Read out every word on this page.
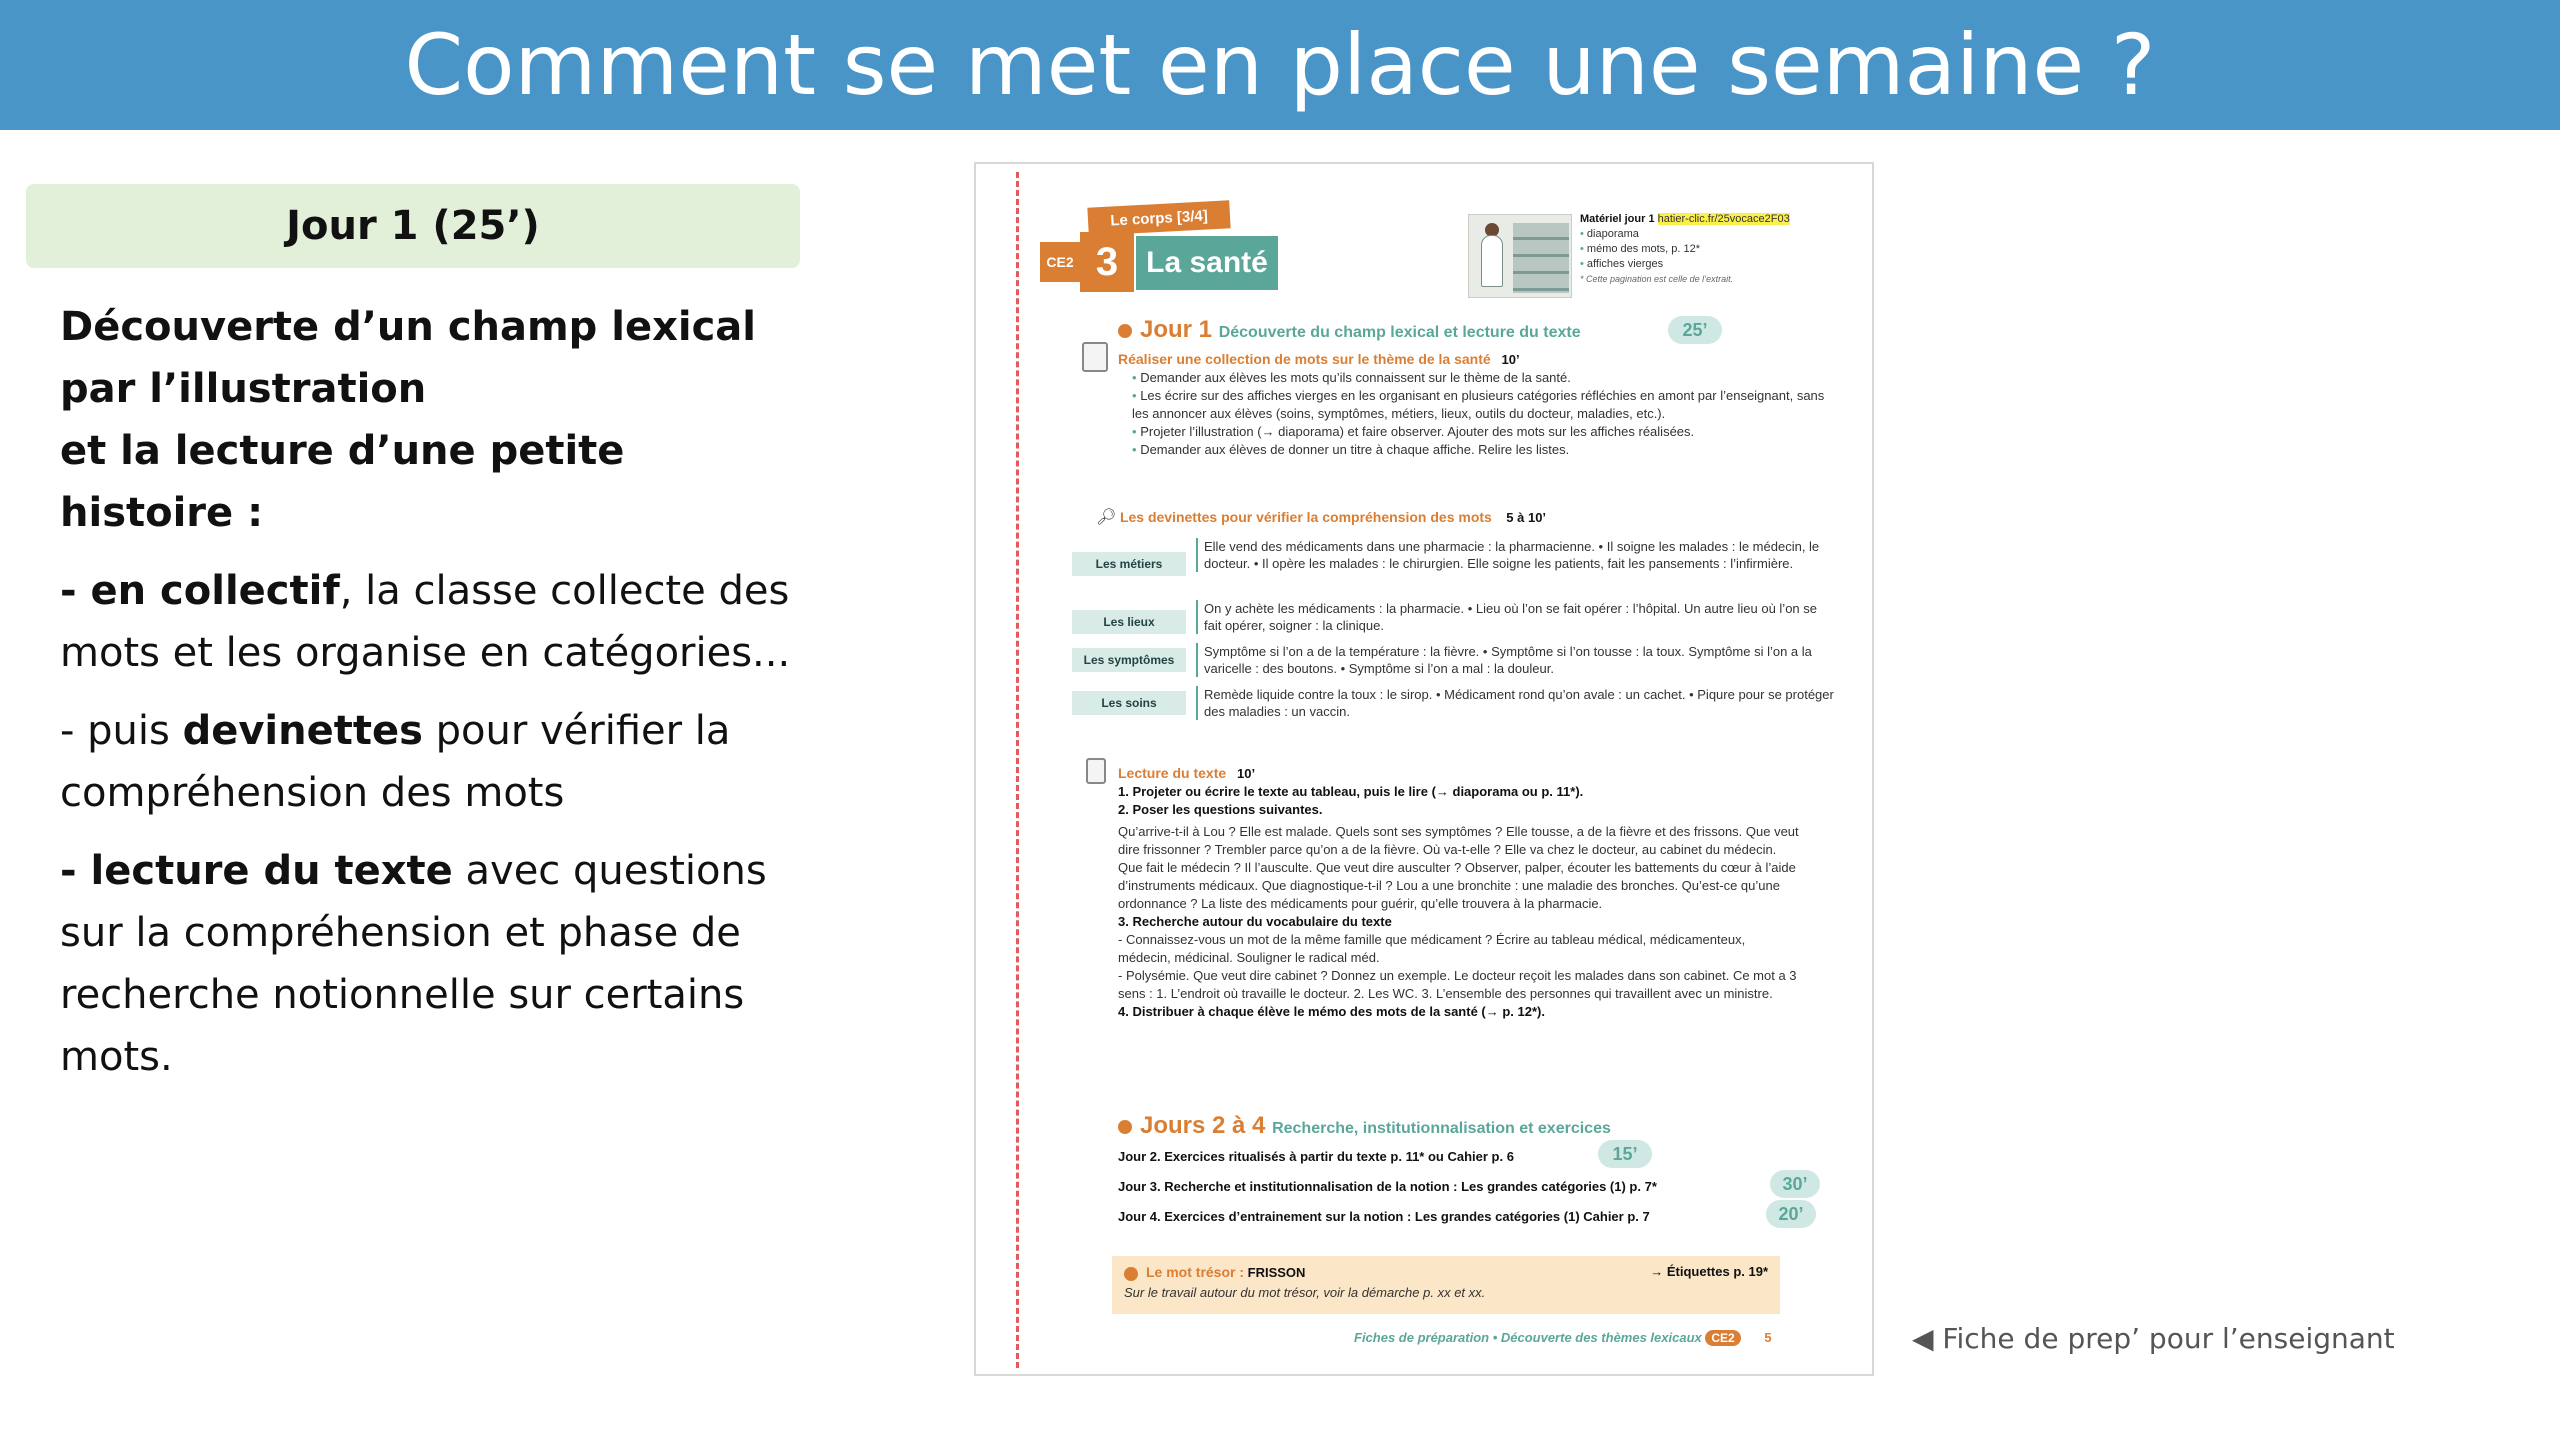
Comment se met en place une semaine ?
Jour 1 (25’)

Découverte d’un champ lexical par l’illustration
et la lecture d’une petite histoire :

- en collectif, la classe collecte des mots et les organise en catégories...

- puis devinettes pour vérifier la compréhension des mots

- lecture du texte avec questions sur la compréhension et phase de recherche notionnelle sur certains mots.

Le corps [3/4]
CE2 3 La santé
Matériel jour 1 hatier-clic.fr/25vocace2F03
• diaporama
• mémo des mots, p. 12*
• affiches vierges
* Cette pagination est celle de l’extrait.
Jour 1 Découverte du champ lexical et lecture du texte	25’
Réaliser une collection de mots sur le thème de la santé 10’
• Demander aux élèves les mots qu’ils connaissent sur le thème de la santé.
• Les écrire sur des affiches vierges en les organisant en plusieurs catégories réfléchies en amont par l’enseignant, sans les annoncer aux élèves (soins, symptômes, métiers, lieux, outils du docteur, maladies, etc.).
• Projeter l’illustration (→ diaporama) et faire observer. Ajouter des mots sur les affiches réalisées.
• Demander aux élèves de donner un titre à chaque affiche. Relire les listes.
🔎︎ Les devinettes pour vérifier la compréhension des mots 5 à 10’
Les métiers
Elle vend des médicaments dans une pharmacie : la pharmacienne. • Il soigne les malades : le médecin, le docteur. • Il opère les malades : le chirurgien. Elle soigne les patients, fait les pansements : l’infirmière.
Les lieux
On y achète les médicaments : la pharmacie. • Lieu où l’on se fait opérer : l’hôpital. Un autre lieu où l’on se fait opérer, soigner : la clinique.
Les symptômes
Symptôme si l’on a de la température : la fièvre. • Symptôme si l’on tousse : la toux. Symptôme si l’on a la varicelle : des boutons. • Symptôme si l’on a mal : la douleur.
Les soins
Remède liquide contre la toux : le sirop. • Médicament rond qu’on avale : un cachet. • Piqure pour se protéger des maladies : un vaccin.
Lecture du texte 10’
1. Projeter ou écrire le texte au tableau, puis le lire (→ diaporama ou p. 11*).
2. Poser les questions suivantes.
Qu’arrive-t-il à Lou ? Elle est malade. Quels sont ses symptômes ? Elle tousse, a de la fièvre et des frissons. Que veut dire frissonner ? Trembler parce qu’on a de la fièvre. Où va-t-elle ? Elle va chez le docteur, au cabinet du médecin. Que fait le médecin ? Il l’ausculte. Que veut dire ausculter ? Observer, palper, écouter les battements du cœur à l’aide d’instruments médicaux. Que diagnostique-t-il ? Lou a une bronchite : une maladie des bronches. Qu’est-ce qu’une ordonnance ? La liste des médicaments pour guérir, qu’elle trouvera à la pharmacie.
3. Recherche autour du vocabulaire du texte
- Connaissez-vous un mot de la même famille que médicament ? Écrire au tableau médical, médicamenteux, médecin, médicinal. Souligner le radical méd.
- Polysémie. Que veut dire cabinet ? Donnez un exemple. Le docteur reçoit les malades dans son cabinet. Ce mot a 3 sens : 1. L’endroit où travaille le docteur. 2. Les WC. 3. L’ensemble des personnes qui travaillent avec un ministre.
4. Distribuer à chaque élève le mémo des mots de la santé (→ p. 12*).
Jours 2 à 4 Recherche, institutionnalisation et exercices
Jour 2. Exercices ritualisés à partir du texte p. 11* ou Cahier p. 6	15’
Jour 3. Recherche et institutionnalisation de la notion : Les grandes catégories (1) p. 7*	30’
Jour 4. Exercices d’entrainement sur la notion : Les grandes catégories (1) Cahier p. 7	20’
Le mot trésor : FRISSON	→ Étiquettes p. 19*
Sur le travail autour du mot trésor, voir la démarche p. xx et xx.
Fiches de préparation • Découverte des thèmes lexicaux CE2 5	◀ Fiche de prep’ pour l’enseignant
